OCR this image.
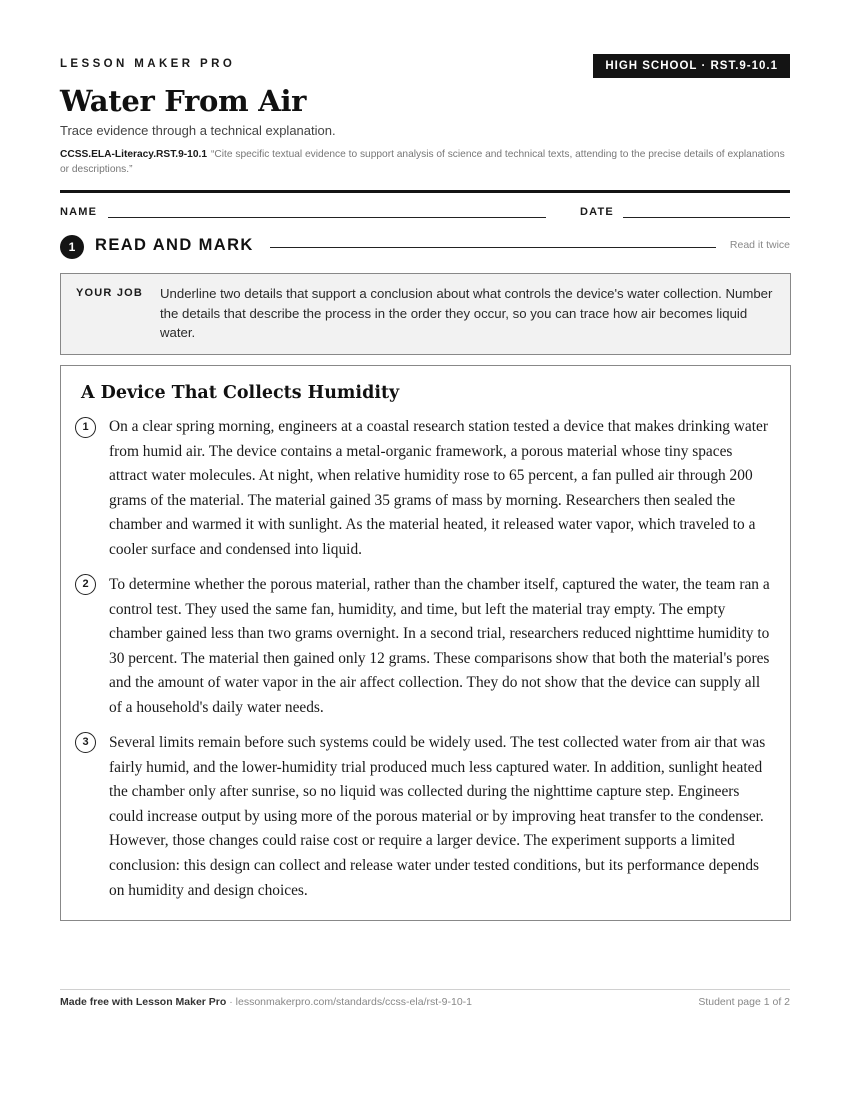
LESSON MAKER PRO	HIGH SCHOOL · RST.9-10.1
Water From Air
Trace evidence through a technical explanation.
CCSS.ELA-Literacy.RST.9-10.1 “Cite specific textual evidence to support analysis of science and technical texts, attending to the precise details of explanations or descriptions.”
NAME	DATE
1	READ AND MARK	Read it twice
YOUR JOB Underline two details that support a conclusion about what controls the device's water collection. Number the details that describe the process in the order they occur, so you can trace how air becomes liquid water.
A Device That Collects Humidity
1	On a clear spring morning, engineers at a coastal research station tested a device that makes drinking water from humid air. The device contains a metal-organic framework, a porous material whose tiny spaces attract water molecules. At night, when relative humidity rose to 65 percent, a fan pulled air through 200 grams of the material. The material gained 35 grams of mass by morning. Researchers then sealed the chamber and warmed it with sunlight. As the material heated, it released water vapor, which traveled to a cooler surface and condensed into liquid.

2	To determine whether the porous material, rather than the chamber itself, captured the water, the team ran a control test. They used the same fan, humidity, and time, but left the material tray empty. The empty chamber gained less than two grams overnight. In a second trial, researchers reduced nighttime humidity to 30 percent. The material then gained only 12 grams. These comparisons show that both the material's pores and the amount of water vapor in the air affect collection. They do not show that the device can supply all of a household's daily water needs.

3	Several limits remain before such systems could be widely used. The test collected water from air that was fairly humid, and the lower-humidity trial produced much less captured water. In addition, sunlight heated the chamber only after sunrise, so no liquid was collected during the nighttime capture step. Engineers could increase output by using more of the porous material or by improving heat transfer to the condenser. However, those changes could raise cost or require a larger device. The experiment supports a limited conclusion: this design can collect and release water under tested conditions, but its performance depends on humidity and design choices.

Made free with Lesson Maker Pro · lessonmakerpro.com/standards/ccss-ela/rst-9-10-1	Student page 1 of 2
